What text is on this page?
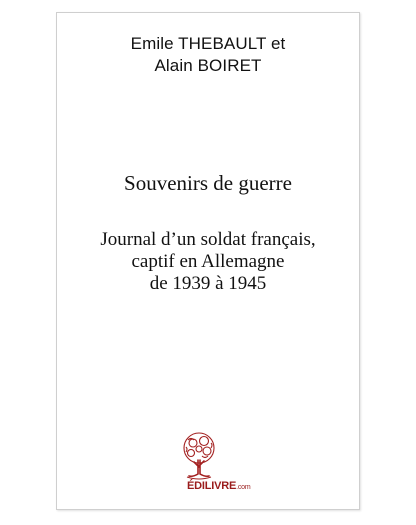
Emile THEBAULT et
Alain BOIRET
Souvenirs de guerre
Journal d’un soldat français,
captif en Allemagne
de 1939 à 1945
ÉDILIVRE.com
